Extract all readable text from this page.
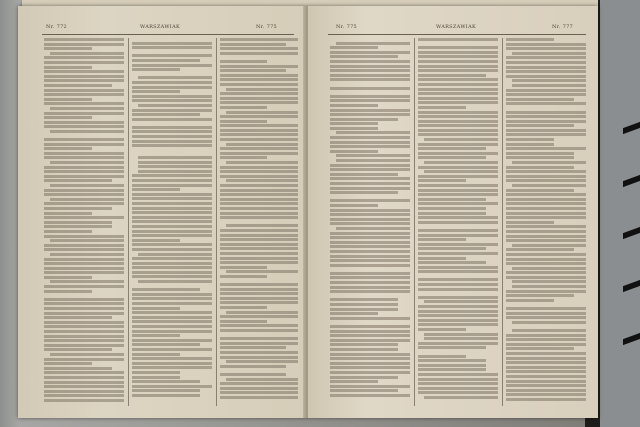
Nr. 772	WARSZAWIAK	Nr. 775	Nr. 775	WARSZAWIAK	Nr. 777
